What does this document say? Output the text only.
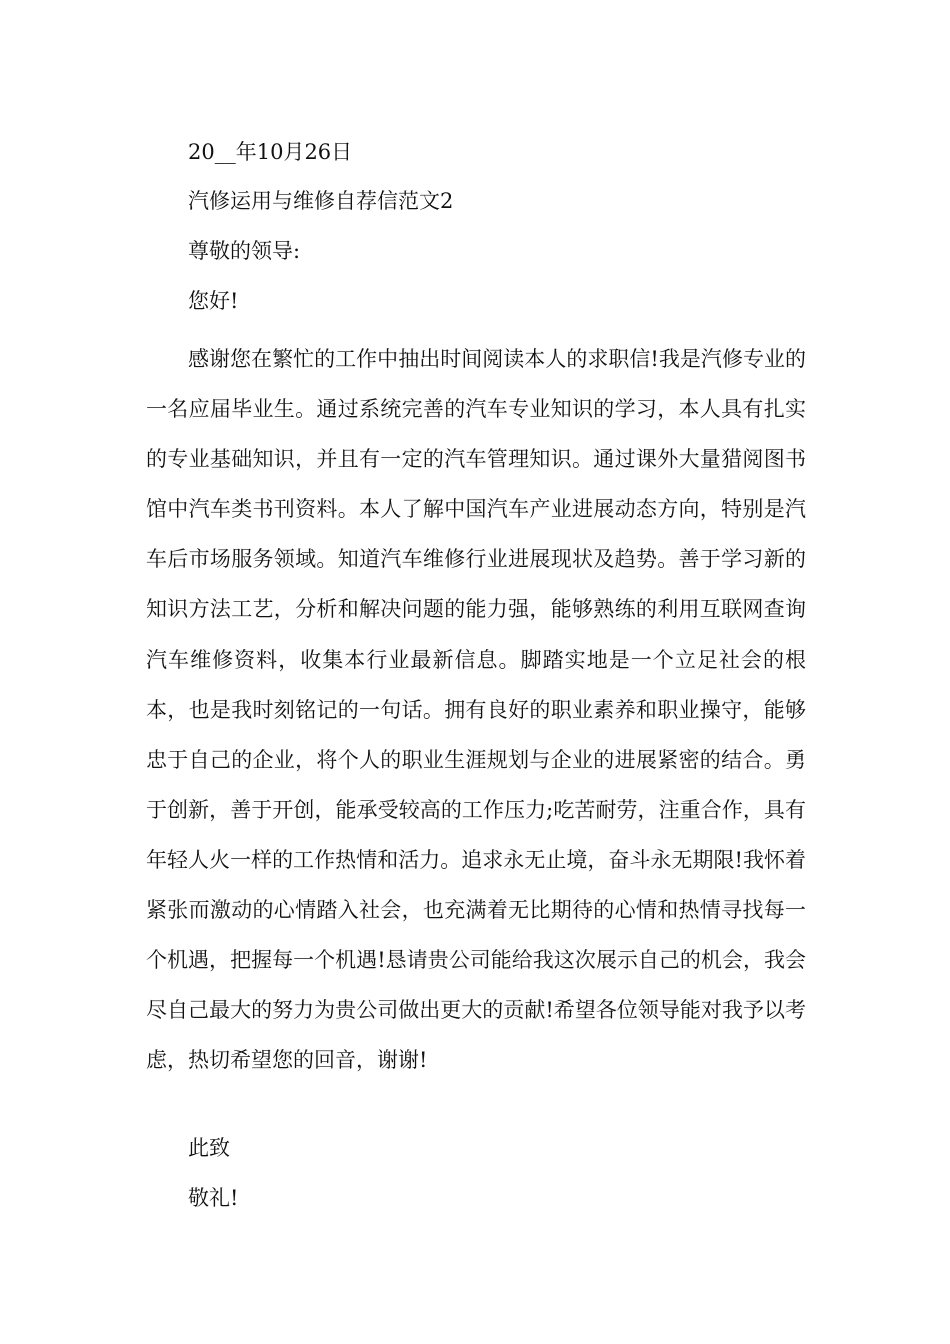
20__年10月26日
汽修运用与维修自荐信范文2
尊敬的领导:
您好!

感谢您在繁忙的工作中抽出时间阅读本人的求职信!我是汽修专业的一名应届毕业生。通过系统完善的汽车专业知识的学习，本人具有扎实的专业基础知识，并且有一定的汽车管理知识。通过课外大量猎阅图书馆中汽车类书刊资料。本人了解中国汽车产业进展动态方向，特别是汽车后市场服务领域。知道汽车维修行业进展现状及趋势。善于学习新的知识方法工艺，分析和解决问题的能力强，能够熟练的利用互联网查询汽车维修资料，收集本行业最新信息。脚踏实地是一个立足社会的根本，也是我时刻铭记的一句话。拥有良好的职业素养和职业操守，能够忠于自己的企业，将个人的职业生涯规划与企业的进展紧密的结合。勇于创新，善于开创，能承受较高的工作压力;吃苦耐劳，注重合作，具有年轻人火一样的工作热情和活力。追求永无止境，奋斗永无期限!我怀着紧张而激动的心情踏入社会，也充满着无比期待的心情和热情寻找每一个机遇，把握每一个机遇!恳请贵公司能给我这次展示自己的机会，我会尽自己最大的努力为贵公司做出更大的贡献!希望各位领导能对我予以考虑，热切希望您的回音，谢谢!

此致
敬礼!
